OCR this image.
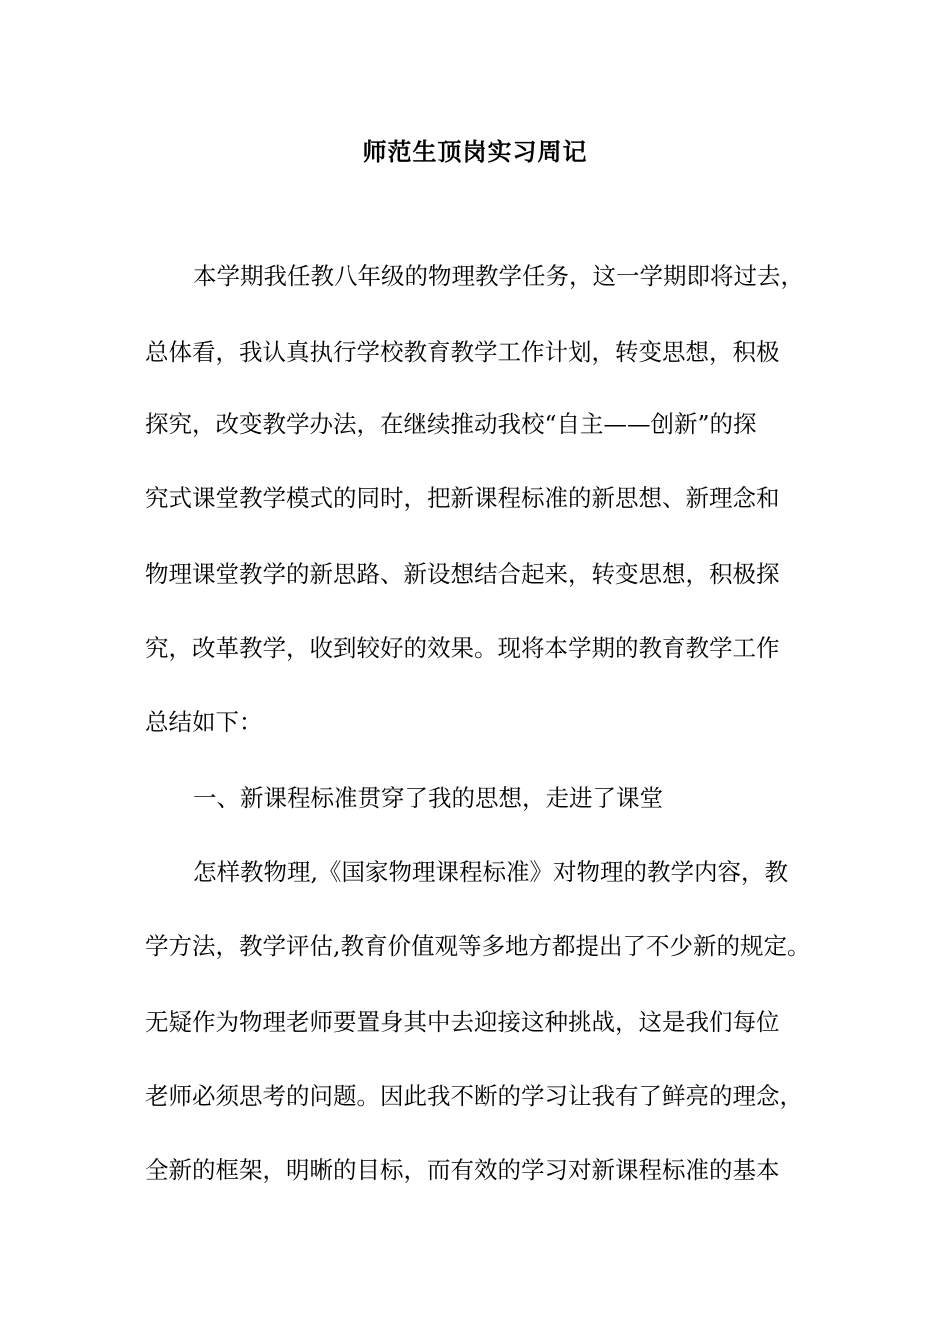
师范生顶岗实习周记
本学期我任教八年级的物理教学任务，这一学期即将过去，
总体看，我认真执行学校教育教学工作计划，转变思想，积极
探究，改变教学办法，在继续推动我校“自主——创新”的探
究式课堂教学模式的同时，把新课程标准的新思想、新理念和
物理课堂教学的新思路、新设想结合起来，转变思想，积极探
究，改革教学，收到较好的效果。现将本学期的教育教学工作
总结如下：
一、新课程标准贯穿了我的思想，走进了课堂
怎样教物理,《国家物理课程标准》对物理的教学内容，教
学方法，教学评估,教育价值观等多地方都提出了不少新的规定。
无疑作为物理老师要置身其中去迎接这种挑战，这是我们每位
老师必须思考的问题。因此我不断的学习让我有了鲜亮的理念，
全新的框架，明晰的目标，而有效的学习对新课程标准的基本
